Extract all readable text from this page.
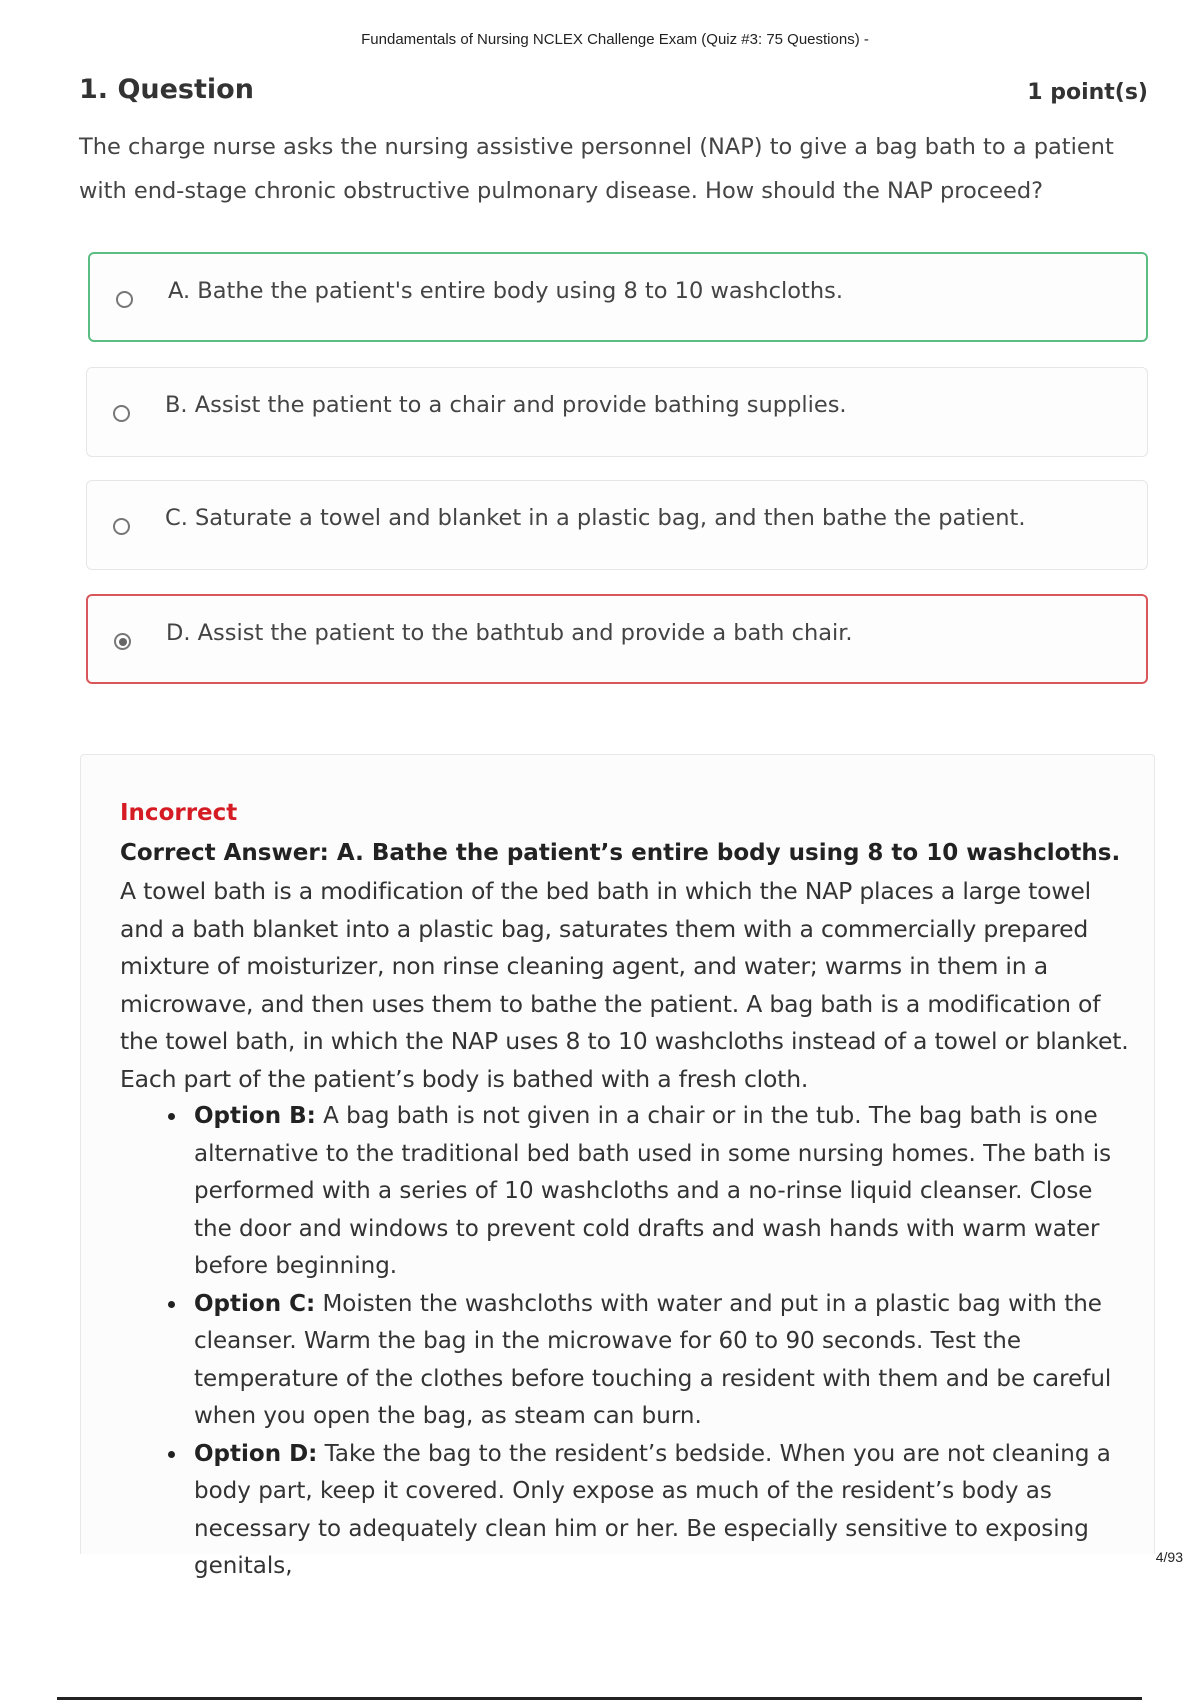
Fundamentals of Nursing NCLEX Challenge Exam (Quiz #3: 75 Questions) -
1. Question	1 point(s)
The charge nurse asks the nursing assistive personnel (NAP) to give a bag bath to a patient with end-stage chronic obstructive pulmonary disease. How should the NAP proceed?
A. Bathe the patient's entire body using 8 to 10 washcloths.
B. Assist the patient to a chair and provide bathing supplies.
C. Saturate a towel and blanket in a plastic bag, and then bathe the patient.
D. Assist the patient to the bathtub and provide a bath chair.
Incorrect
Correct Answer: A. Bathe the patient’s entire body using 8 to 10 washcloths.
A towel bath is a modification of the bed bath in which the NAP places a large towel and a bath blanket into a plastic bag, saturates them with a commercially prepared mixture of moisturizer, non rinse cleaning agent, and water; warms in them in a microwave, and then uses them to bathe the patient. A bag bath is a modification of the towel bath, in which the NAP uses 8 to 10 washcloths instead of a towel or blanket. Each part of the patient’s body is bathed with a fresh cloth.
Option B: A bag bath is not given in a chair or in the tub. The bag bath is one alternative to the traditional bed bath used in some nursing homes. The bath is performed with a series of 10 washcloths and a no-rinse liquid cleanser. Close the door and windows to prevent cold drafts and wash hands with warm water before beginning.
Option C: Moisten the washcloths with water and put in a plastic bag with the cleanser. Warm the bag in the microwave for 60 to 90 seconds. Test the temperature of the clothes before touching a resident with them and be careful when you open the bag, as steam can burn.
Option D: Take the bag to the resident’s bedside. When you are not cleaning a body part, keep it covered. Only expose as much of the resident’s body as necessary to adequately clean him or her. Be especially sensitive to exposing genitals,	4/93
